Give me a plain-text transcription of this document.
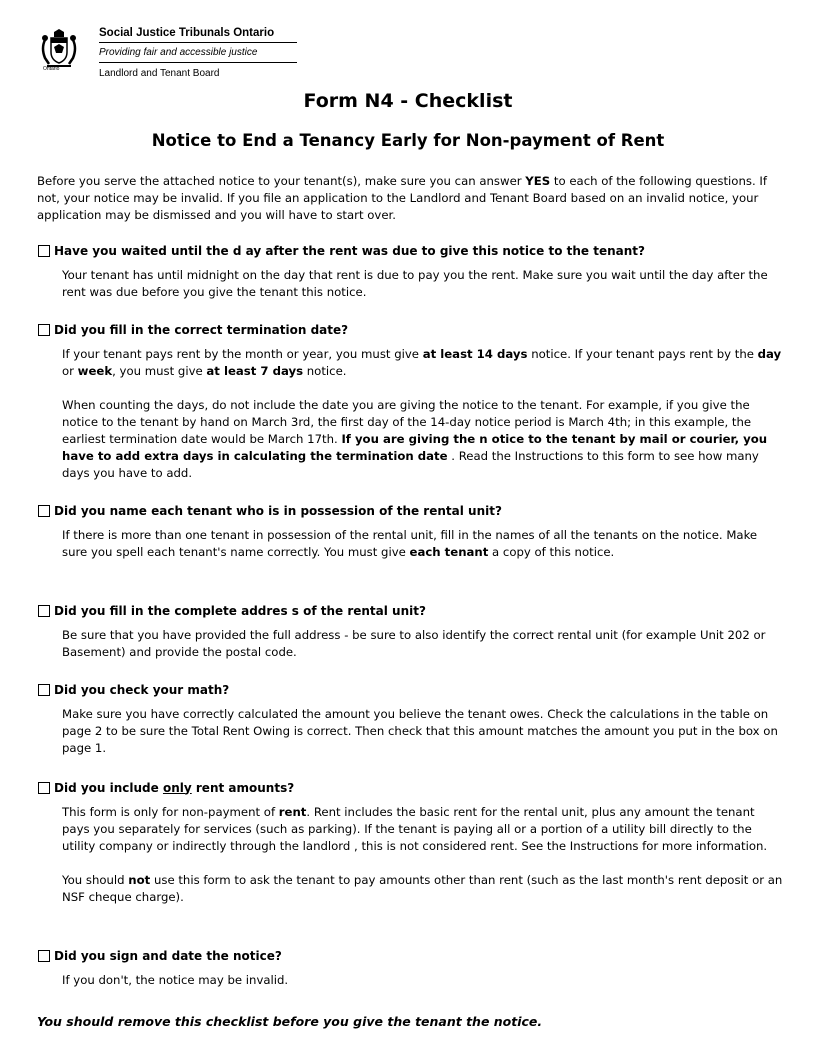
Ontario
Social Justice Tribunals Ontario
Providing fair and accessible justice
Landlord and Tenant Board
Form N4 - Checklist
Notice to End a Tenancy Early for Non-payment of Rent
Before you serve the attached notice to your tenant(s), make sure you can answer YES to each of the following questions. If not, your notice may be invalid. If you file an application to the Landlord and Tenant Board based on an invalid notice, your application may be dismissed and you will have to start over.
Have you waited until the d ay after the rent was due to give this notice to the tenant?

Your tenant has until midnight on the day that rent is due to pay you the rent. Make sure you wait until the day after the rent was due before you give the tenant this notice.

Did you fill in the correct termination date?

If your tenant pays rent by the month or year, you must give at least 14 days notice. If your tenant pays rent by the day or week, you must give at least 7 days notice.

When counting the days, do not include the date you are giving the notice to the tenant. For example, if you give the notice to the tenant by hand on March 3rd, the first day of the 14-day notice period is March 4th; in this example, the earliest termination date would be March 17th. If you are giving the n otice to the tenant by mail or courier, you have to add extra days in calculating the termination date . Read the Instructions to this form to see how many days you have to add.

Did you name each tenant who is in possession of the rental unit?

If there is more than one tenant in possession of the rental unit, fill in the names of all the tenants on the notice. Make sure you spell each tenant's name correctly. You must give each tenant a copy of this notice.

Did you fill in the complete addres s of the rental unit?

Be sure that you have provided the full address - be sure to also identify the correct rental unit (for example Unit 202 or Basement) and provide the postal code.

Did you check your math?

Make sure you have correctly calculated the amount you believe the tenant owes. Check the calculations in the table on page 2 to be sure the Total Rent Owing is correct. Then check that this amount matches the amount you put in the box on page 1.

Did you include only rent amounts?

This form is only for non-payment of rent. Rent includes the basic rent for the rental unit, plus any amount the tenant pays you separately for services (such as parking). If the tenant is paying all or a portion of a utility bill directly to the utility company or indirectly through the landlord , this is not considered rent. See the Instructions for more information.

You should not use this form to ask the tenant to pay amounts other than rent (such as the last month's rent deposit or an NSF cheque charge).

Did you sign and date the notice?

If you don't, the notice may be invalid.

You should remove this checklist before you give the tenant the notice.
